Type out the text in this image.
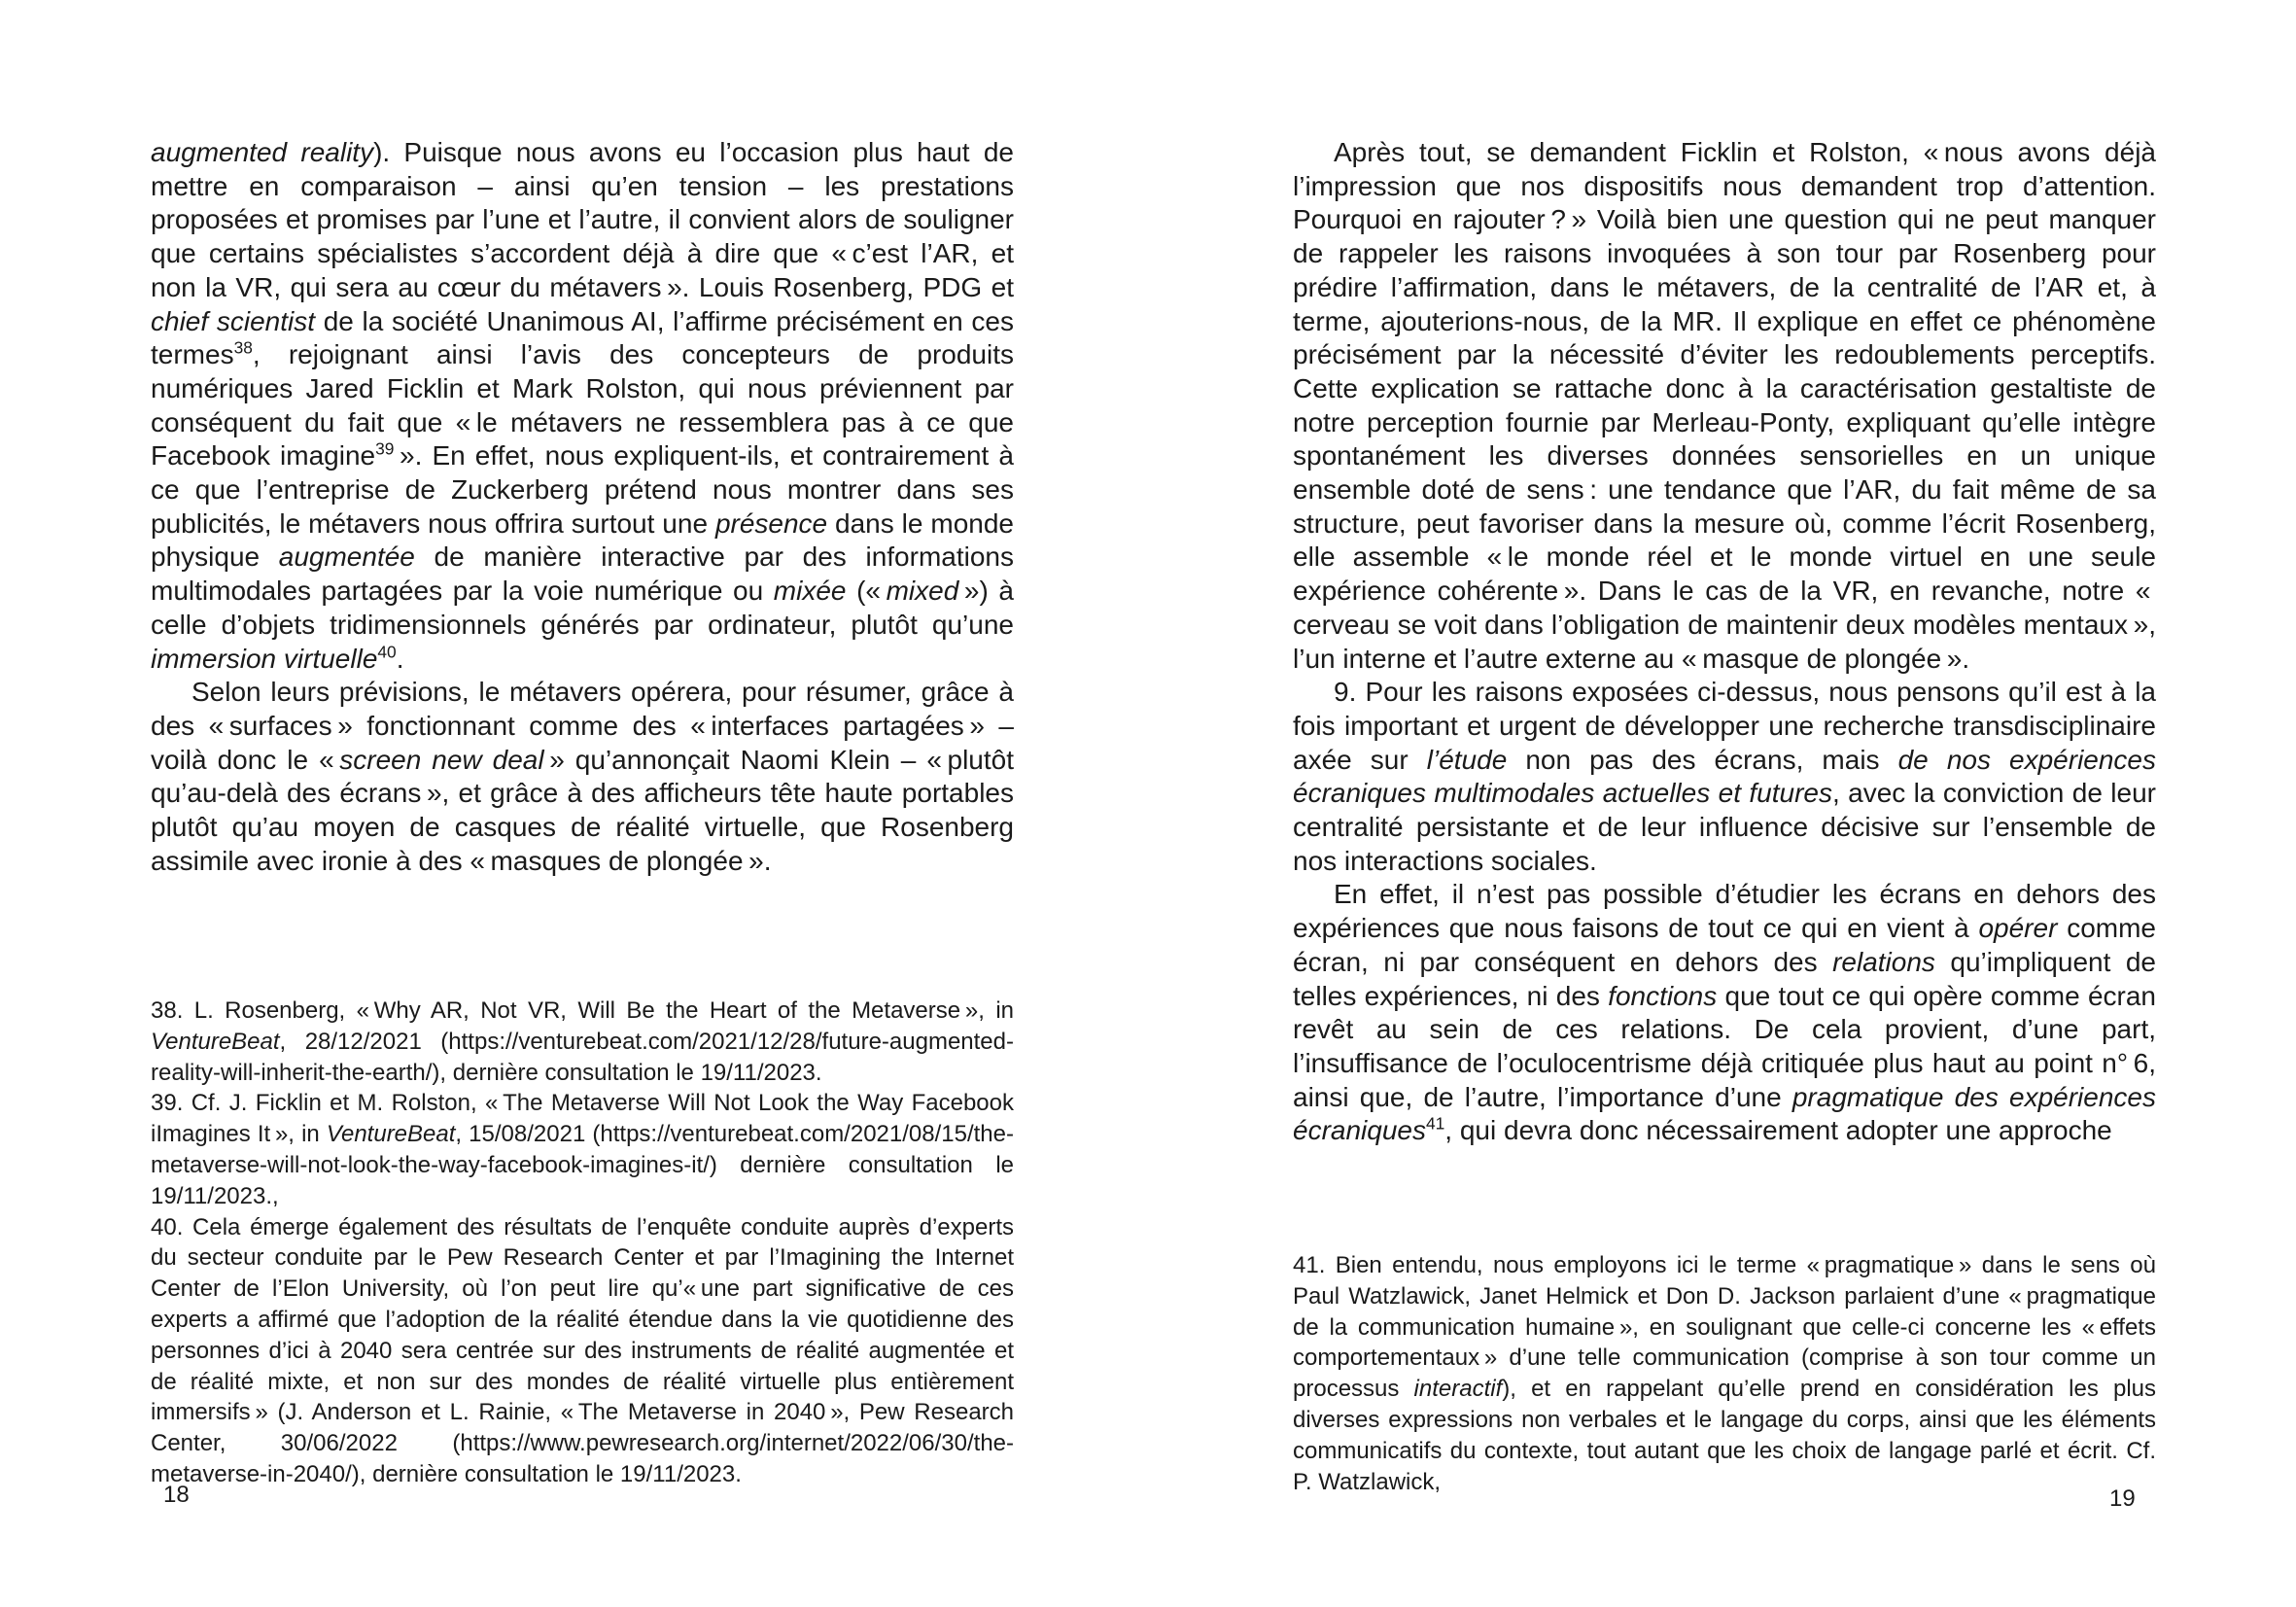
augmented reality). Puisque nous avons eu l’occasion plus haut de mettre en comparaison – ainsi qu’en tension – les prestations proposées et promises par l’une et l’autre, il convient alors de souligner que certains spécialistes s’accordent déjà à dire que « c’est l’AR, et non la VR, qui sera au cœur du métavers ». Louis Rosenberg, PDG et chief scientist de la société Unanimous AI, l’affirme précisément en ces termes$^{38}$, rejoignant ainsi l’avis des concepteurs de produits numériques Jared Ficklin et Mark Rolston, qui nous préviennent par conséquent du fait que « le métavers ne ressemblera pas à ce que Facebook imagine$^{39}$ ». En effet, nous expliquent-ils, et contrairement à ce que l’entreprise de Zuckerberg prétend nous montrer dans ses publicités, le métavers nous offrira surtout une présence dans le monde physique augmentée de manière interactive par des informations multimodales partagées par la voie numérique ou mixée (« mixed ») à celle d’objets tridimensionnels générés par ordinateur, plutôt qu’une immersion virtuelle$^{40}$.

Selon leurs prévisions, le métavers opérera, pour résumer, grâce à des « surfaces » fonctionnant comme des « interfaces partagées » – voilà donc le « screen new deal » qu’annonçait Naomi Klein – « plutôt qu’au-delà des écrans », et grâce à des afficheurs tête haute portables plutôt qu’au moyen de casques de réalité virtuelle, que Rosenberg assimile avec ironie à des « masques de plongée ».

38. L. Rosenberg, « Why AR, Not VR, Will Be the Heart of the Metaverse », in VentureBeat, 28/12/2021 (https://venturebeat.com/2021/12/28/future-augmented-reality-will-inherit-the-earth/), dernière consultation le 19/11/2023.

39. Cf. J. Ficklin et M. Rolston, « The Metaverse Will Not Look the Way Facebook iImagines It », in VentureBeat, 15/08/2021 (https://venturebeat.com/2021/08/15/the-metaverse-will-not-look-the-way-facebook-imagines-it/) dernière consultation le 19/11/2023.,

40. Cela émerge également des résultats de l’enquête conduite auprès d’experts du secteur conduite par le Pew Research Center et par l’Imagining the Internet Center de l’Elon University, où l’on peut lire qu’« une part significative de ces experts a affirmé que l’adoption de la réalité étendue dans la vie quotidienne des personnes d’ici à 2040 sera centrée sur des instruments de réalité augmentée et de réalité mixte, et non sur des mondes de réalité virtuelle plus entièrement immersifs » (J. Anderson et L. Rainie, « The Metaverse in 2040 », Pew Research Center, 30/06/2022 (https://www.pewresearch.org/internet/2022/06/30/the-metaverse-in-2040/), dernière consultation le 19/11/2023.

18

Après tout, se demandent Ficklin et Rolston, « nous avons déjà l’impression que nos dispositifs nous demandent trop d’attention. Pourquoi en rajouter ? » Voilà bien une question qui ne peut manquer de rappeler les raisons invoquées à son tour par Rosenberg pour prédire l’affirmation, dans le métavers, de la centralité de l’AR et, à terme, ajouterions-nous, de la MR. Il explique en effet ce phénomène précisément par la nécessité d’éviter les redoublements perceptifs. Cette explication se rattache donc à la caractérisation gestaltiste de notre perception fournie par Merleau-Ponty, expliquant qu’elle intègre spontanément les diverses données sensorielles en un unique ensemble doté de sens : une tendance que l’AR, du fait même de sa structure, peut favoriser dans la mesure où, comme l’écrit Rosenberg, elle assemble « le monde réel et le monde virtuel en une seule expérience cohérente ». Dans le cas de la VR, en revanche, notre « cerveau se voit dans l’obligation de maintenir deux modèles mentaux », l’un interne et l’autre externe au « masque de plongée ».

9. Pour les raisons exposées ci-dessus, nous pensons qu’il est à la fois important et urgent de développer une recherche transdisciplinaire axée sur l’étude non pas des écrans, mais de nos expériences écraniques multimodales actuelles et futures, avec la conviction de leur centralité persistante et de leur influence décisive sur l’ensemble de nos interactions sociales.

En effet, il n’est pas possible d’étudier les écrans en dehors des expériences que nous faisons de tout ce qui en vient à opérer comme écran, ni par conséquent en dehors des relations qu’impliquent de telles expériences, ni des fonctions que tout ce qui opère comme écran revêt au sein de ces relations. De cela provient, d’une part, l’insuffisance de l’oculocentrisme déjà critiquée plus haut au point n° 6, ainsi que, de l’autre, l’importance d’une pragmatique des expériences écraniques$^{41}$, qui devra donc nécessairement adopter une approche

41. Bien entendu, nous employons ici le terme « pragmatique » dans le sens où Paul Watzlawick, Janet Helmick et Don D. Jackson parlaient d’une « pragmatique de la communication humaine », en soulignant que celle-ci concerne les « effets comportementaux » d’une telle communication (comprise à son tour comme un processus interactif), et en rappelant qu’elle prend en considération les plus diverses expressions non verbales et le langage du corps, ainsi que les éléments communicatifs du contexte, tout autant que les choix de langage parlé et écrit. Cf. P. Watzlawick,

19
